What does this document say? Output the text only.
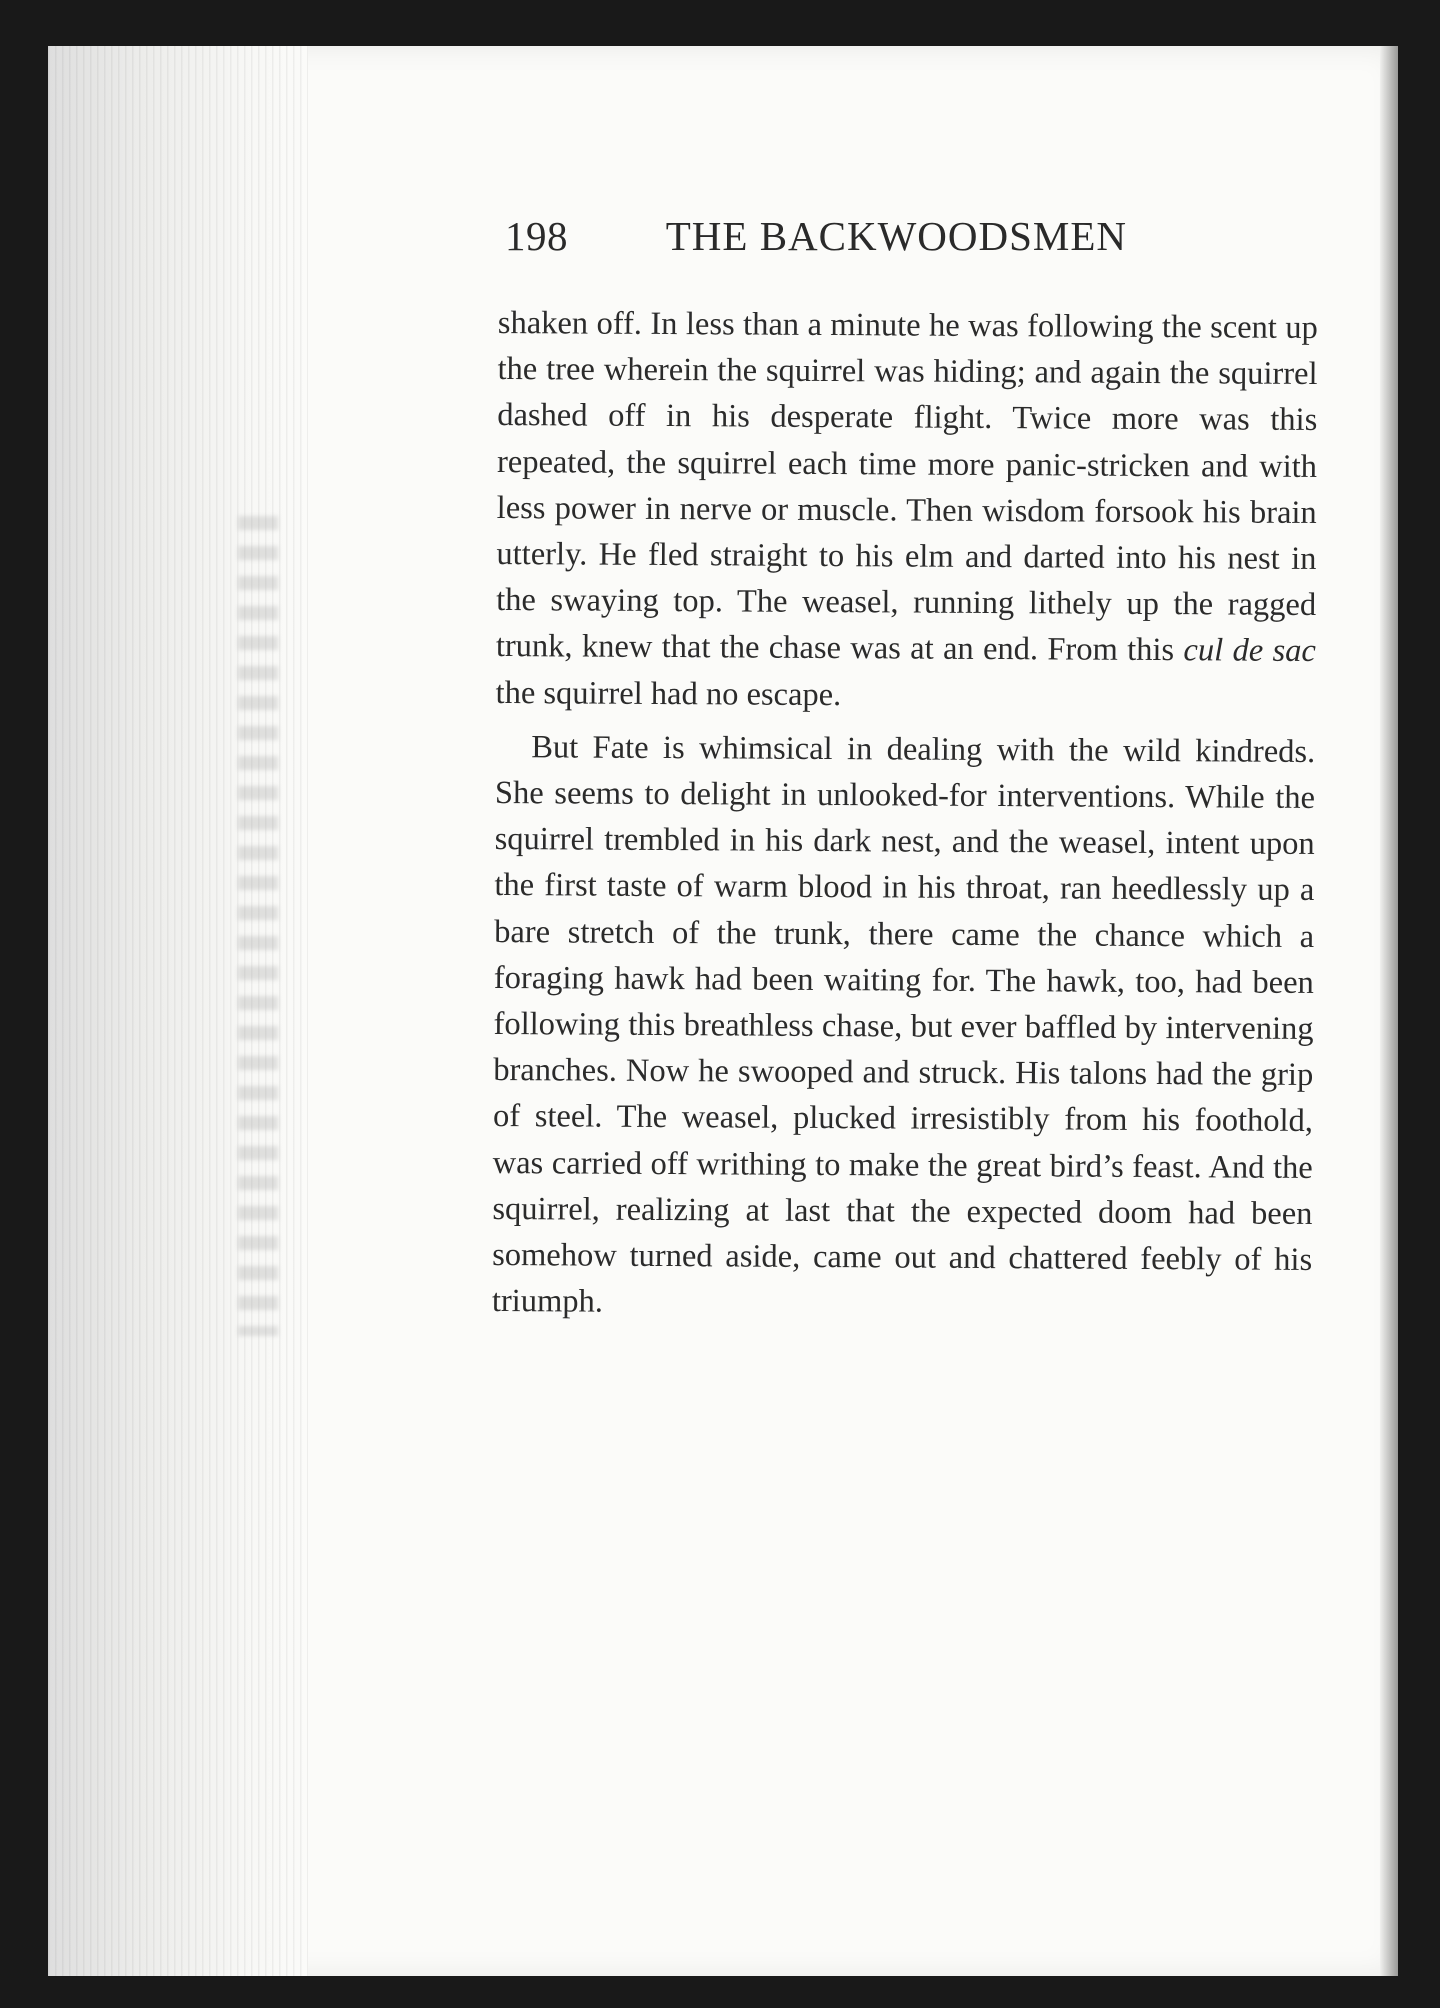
198 THE BACKWOODSMEN

shaken off. In less than a minute he was following the scent up the tree wherein the squirrel was hiding; and again the squirrel dashed off in his desperate flight. Twice more was this repeated, the squirrel each time more panic-stricken and with less power in nerve or muscle. Then wisdom forsook his brain utterly. He fled straight to his elm and darted into his nest in the swaying top. The weasel, running lithely up the ragged trunk, knew that the chase was at an end. From this cul de sac the squirrel had no escape.

But Fate is whimsical in dealing with the wild kindreds. She seems to delight in unlooked-for interventions. While the squirrel trembled in his dark nest, and the weasel, intent upon the first taste of warm blood in his throat, ran heedlessly up a bare stretch of the trunk, there came the chance which a foraging hawk had been waiting for. The hawk, too, had been following this breathless chase, but ever baffled by intervening branches. Now he swooped and struck. His talons had the grip of steel. The weasel, plucked irresistibly from his foothold, was carried off writhing to make the great bird’s feast. And the squirrel, realizing at last that the expected doom had been somehow turned aside, came out and chattered feebly of his triumph.
